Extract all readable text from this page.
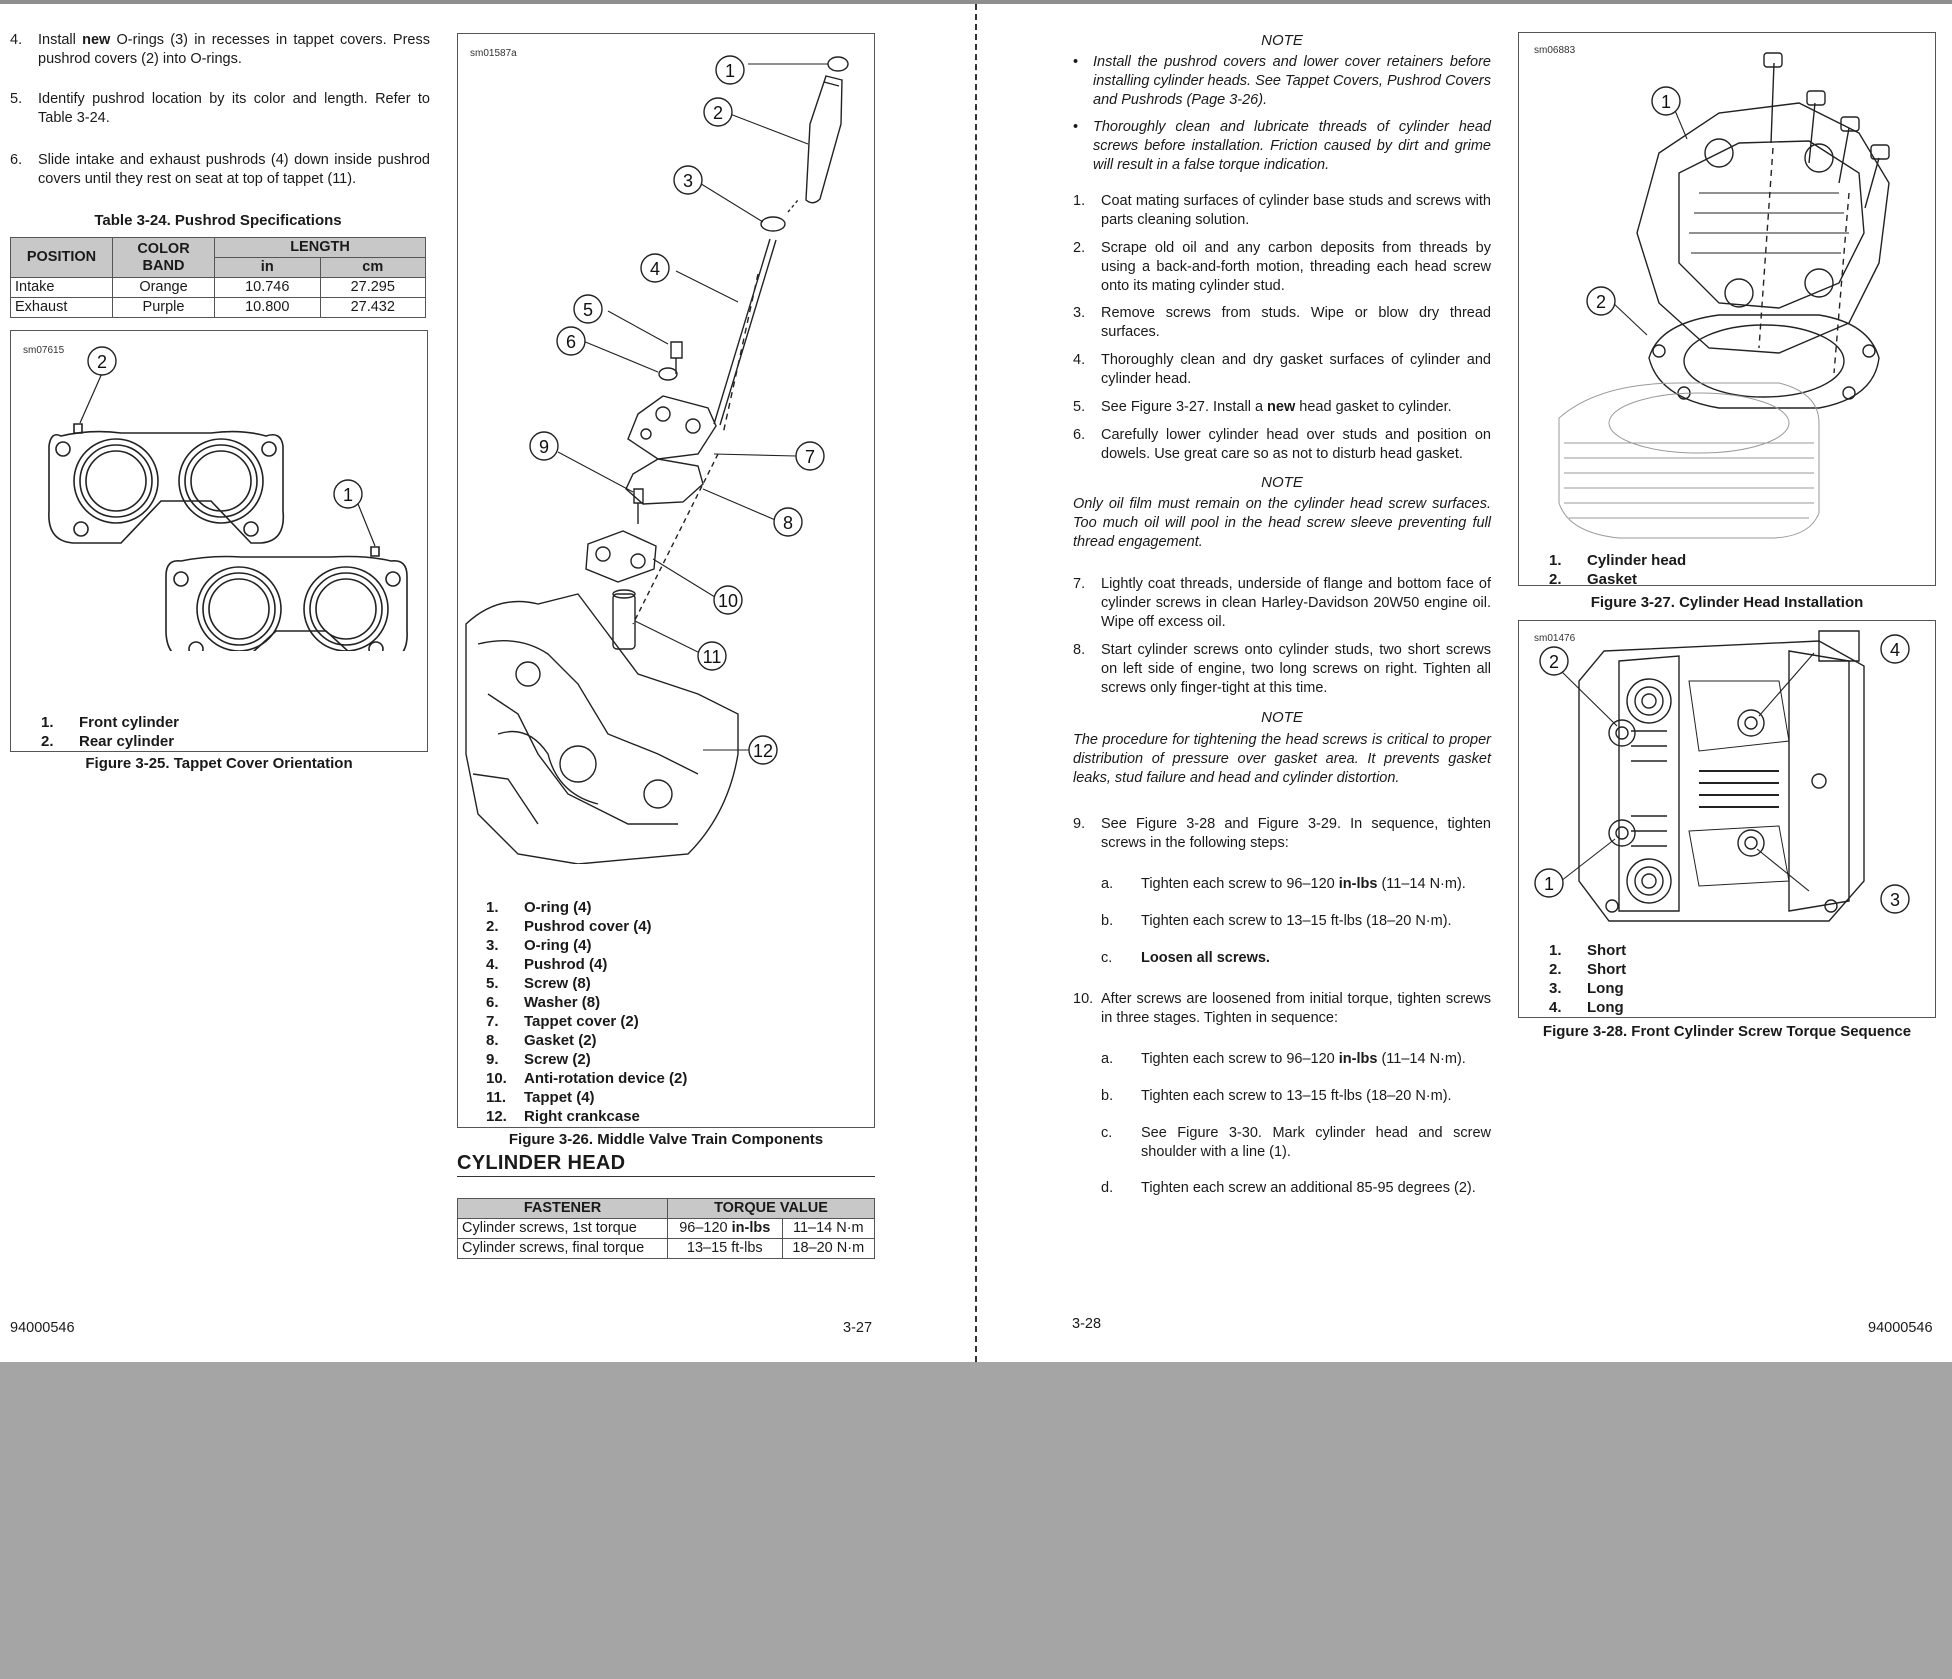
4.	Install new O-rings (3) in recesses in tappet covers. Press pushrod covers (2) into O-rings.
5.	Identify pushrod location by its color and length. Refer to Table 3-24.
6.	Slide intake and exhaust pushrods (4) down inside pushrod covers until they rest on seat at top of tappet (11).
Table 3-24. Pushrod Specifications
POSITION	COLOR BAND	LENGTH	
		in	cm
Intake	Orange	10.746	27.295
Exhaust	Purple	10.800	27.432
sm07615
2
1
1.	Front cylinder
2.	Rear cylinder
Figure 3-25. Tappet Cover Orientation
sm01587a
1
2
3
4
5
6
7
8
9
10
11
12
1.	O-ring (4)
2.	Pushrod cover (4)
3.	O-ring (4)
4.	Pushrod (4)
5.	Screw (8)
6.	Washer (8)
7.	Tappet cover (2)
8.	Gasket (2)
9.	Screw (2)
10.	Anti-rotation device (2)
11.	Tappet (4)
12.	Right crankcase
Figure 3-26. Middle Valve Train Components
CYLINDER HEAD
FASTENER	TORQUE VALUE	
Cylinder screws, 1st torque	96–120 in-lbs	11–14 N·m
Cylinder screws, final torque	13–15 ft-lbs	18–20 N·m
94000546	3-27
NOTE
•	Install the pushrod covers and lower cover retainers before installing cylinder heads. See Tappet Covers, Pushrod Covers and Pushrods (Page 3-26).
•	Thoroughly clean and lubricate threads of cylinder head screws before installation. Friction caused by dirt and grime will result in a false torque indication.
1.	Coat mating surfaces of cylinder base studs and screws with parts cleaning solution.
2.	Scrape old oil and any carbon deposits from threads by using a back-and-forth motion, threading each head screw onto its mating cylinder stud.
3.	Remove screws from studs. Wipe or blow dry thread surfaces.
4.	Thoroughly clean and dry gasket surfaces of cylinder and cylinder head.
5.	See Figure 3-27. Install a new head gasket to cylinder.
6.	Carefully lower cylinder head over studs and position on dowels. Use great care so as not to disturb head gasket.
NOTE
Only oil film must remain on the cylinder head screw surfaces. Too much oil will pool in the head screw sleeve preventing full thread engagement.
7.	Lightly coat threads, underside of flange and bottom face of cylinder screws in clean Harley-Davidson 20W50 engine oil. Wipe off excess oil.
8.	Start cylinder screws onto cylinder studs, two short screws on left side of engine, two long screws on right. Tighten all screws only finger-tight at this time.
NOTE
The procedure for tightening the head screws is critical to proper distribution of pressure over gasket area. It prevents gasket leaks, stud failure and head and cylinder distortion.
9.	See Figure 3-28 and Figure 3-29. In sequence, tighten screws in the following steps:
a.	Tighten each screw to 96–120 in-lbs (11–14 N·m).
b.	Tighten each screw to 13–15 ft-lbs (18–20 N·m).
c.	Loosen all screws.
10. After screws are loosened from initial torque, tighten screws in three stages. Tighten in sequence:
a.	Tighten each screw to 96–120 in-lbs (11–14 N·m).
b.	Tighten each screw to 13–15 ft-lbs (18–20 N·m).
c.	See Figure 3-30. Mark cylinder head and screw shoulder with a line (1).
d.	Tighten each screw an additional 85-95 degrees (2).
sm06883
1
2
1.	Cylinder head
2.	Gasket
Figure 3-27. Cylinder Head Installation
sm01476
2
4
1
3
1.	Short
2.	Short
3.	Long
4.	Long
Figure 3-28. Front Cylinder Screw Torque Sequence
3-28	94000546
